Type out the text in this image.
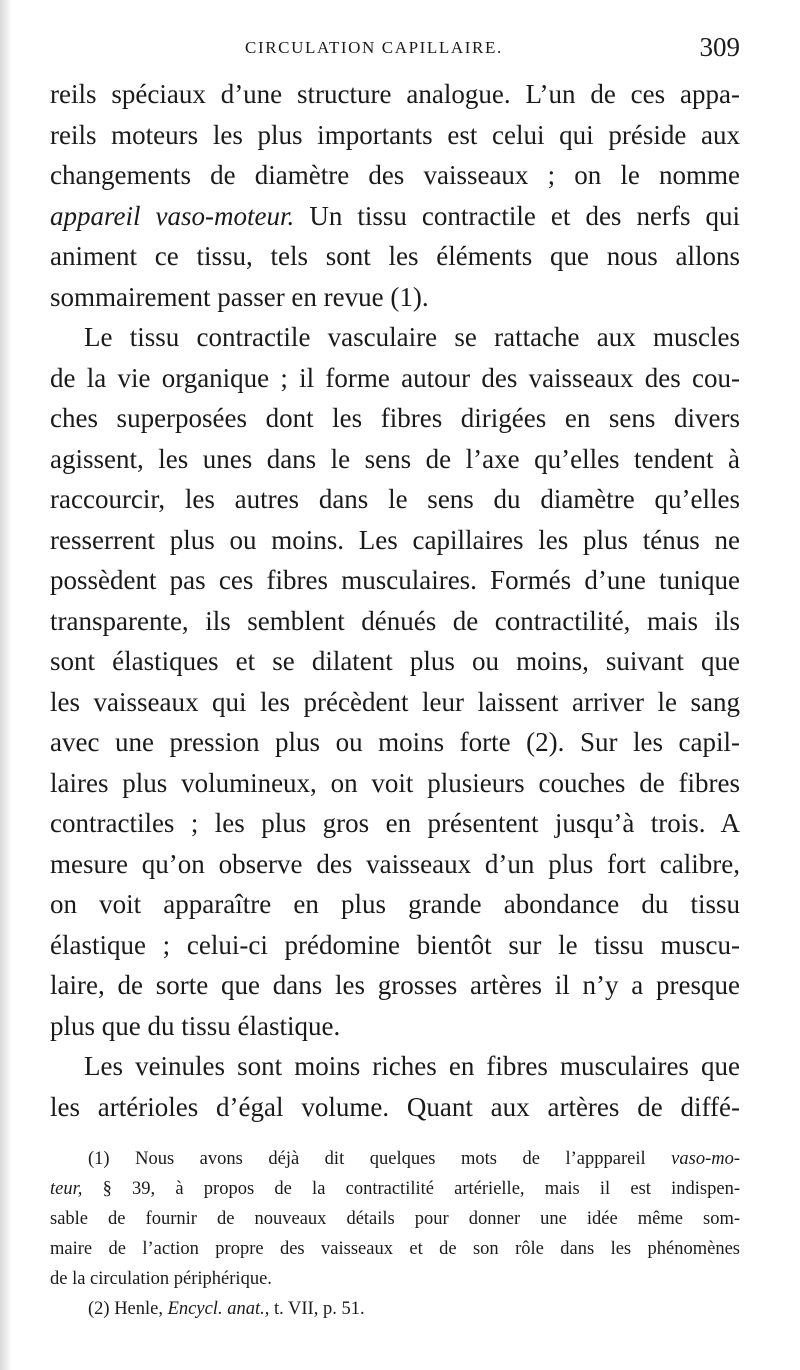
CIRCULATION CAPILLAIRE.	309
reils spéciaux d’une structure analogue. L’un de ces appa-
reils moteurs les plus importants est celui qui préside aux
changements de diamètre des vaisseaux ; on le nomme
appareil vaso-moteur. Un tissu contractile et des nerfs qui
animent ce tissu, tels sont les éléments que nous allons
sommairement passer en revue (1).
Le tissu contractile vasculaire se rattache aux muscles
de la vie organique ; il forme autour des vaisseaux des cou-
ches superposées dont les fibres dirigées en sens divers
agissent, les unes dans le sens de l’axe qu’elles tendent à
raccourcir, les autres dans le sens du diamètre qu’elles
resserrent plus ou moins. Les capillaires les plus ténus ne
possèdent pas ces fibres musculaires. Formés d’une tunique
transparente, ils semblent dénués de contractilité, mais ils
sont élastiques et se dilatent plus ou moins, suivant que
les vaisseaux qui les précèdent leur laissent arriver le sang
avec une pression plus ou moins forte (2). Sur les capil-
laires plus volumineux, on voit plusieurs couches de fibres
contractiles ; les plus gros en présentent jusqu’à trois. A
mesure qu’on observe des vaisseaux d’un plus fort calibre,
on voit apparaître en plus grande abondance du tissu
élastique ; celui-ci prédomine bientôt sur le tissu muscu-
laire, de sorte que dans les grosses artères il n’y a presque
plus que du tissu élastique.
Les veinules sont moins riches en fibres musculaires que
les artérioles d’égal volume. Quant aux artères de diffé-
(1) Nous avons déjà dit quelques mots de l’apppareil vaso-mo-
teur, § 39, à propos de la contractilité artérielle, mais il est indispen-
sable de fournir de nouveaux détails pour donner une idée même som-
maire de l’action propre des vaisseaux et de son rôle dans les phénomènes
de la circulation périphérique.
(2) Henle, Encycl. anat., t. VII, p. 51.
